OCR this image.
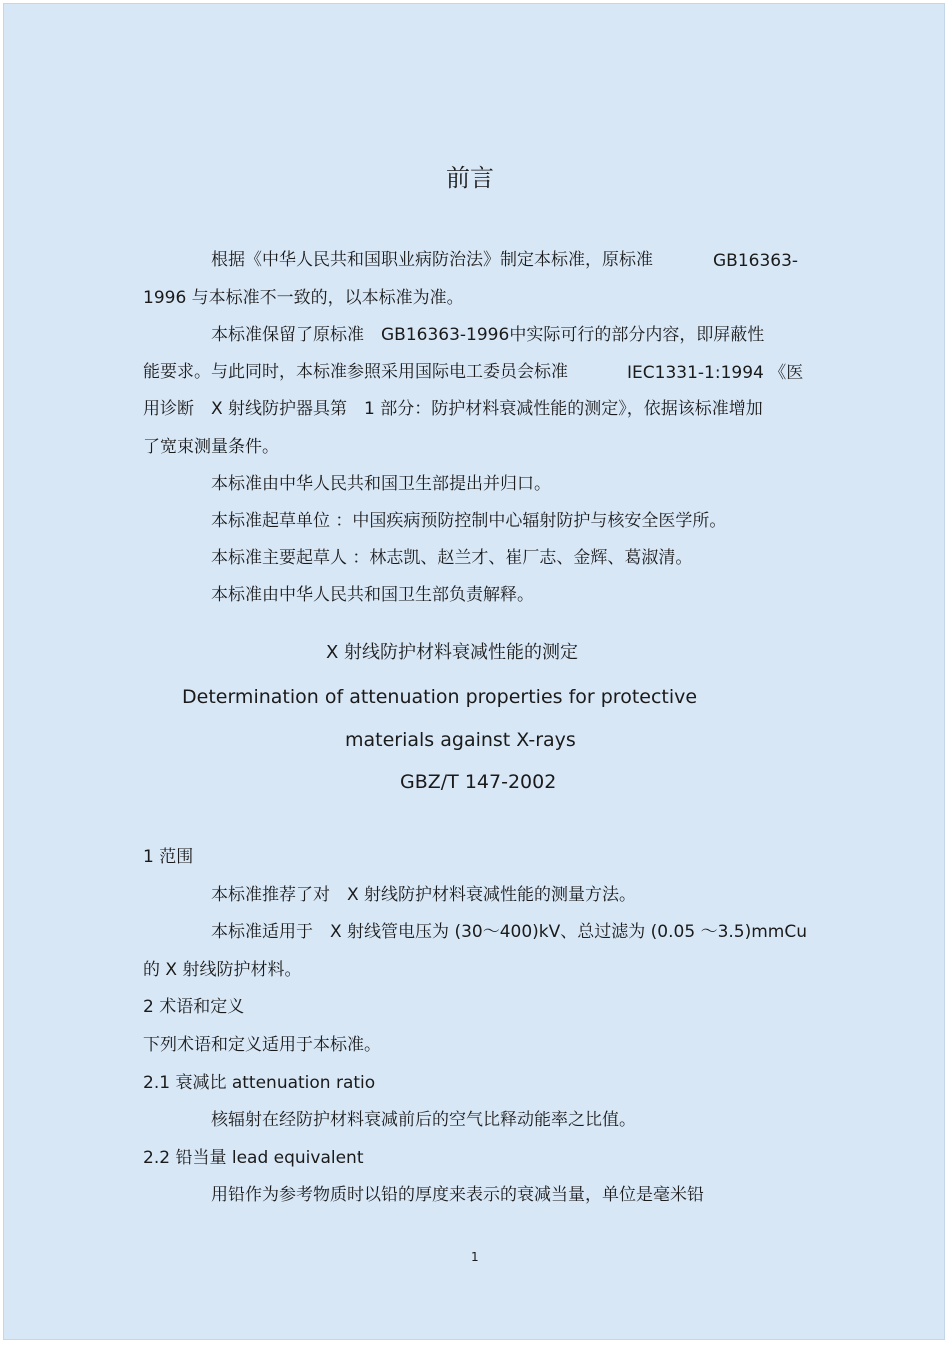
前言
根据《中华人民共和国职业病防治法》制定本标准，原标准	GB16363-
1996 与本标准不一致的，以本标准为准。
本标准保留了原标准　GB16363-1996中实际可行的部分内容，即屏蔽性
能要求。与此同时，本标准参照采用国际电工委员会标准	IEC1331-1:1994 《医
用诊断　X 射线防护器具第　1 部分：防护材料衰减性能的测定》，依据该标准增加
了宽束测量条件。
本标准由中华人民共和国卫生部提出并归口。
本标准起草单位 ：中国疾病预防控制中心辐射防护与核安全医学所。
本标准主要起草人 ：林志凯、赵兰才、崔厂志、金辉、葛淑清。
本标准由中华人民共和国卫生部负责解释。
X 射线防护材料衰减性能的测定
Determination of attenuation properties for protective
materials against X-rays
GBZ/T 147-2002
1 范围
本标准推荐了对　X 射线防护材料衰减性能的测量方法。
本标准适用于　X 射线管电压为 (30～400)kV、总过滤为 (0.05 ～3.5)mmCu
的 X 射线防护材料。
2 术语和定义
下列术语和定义适用于本标准。
2.1 衰减比 attenuation ratio
核辐射在经防护材料衰减前后的空气比释动能率之比值。
2.2 铅当量 lead equivalent
用铅作为参考物质时以铅的厚度来表示的衰减当量，单位是毫米铅
1
